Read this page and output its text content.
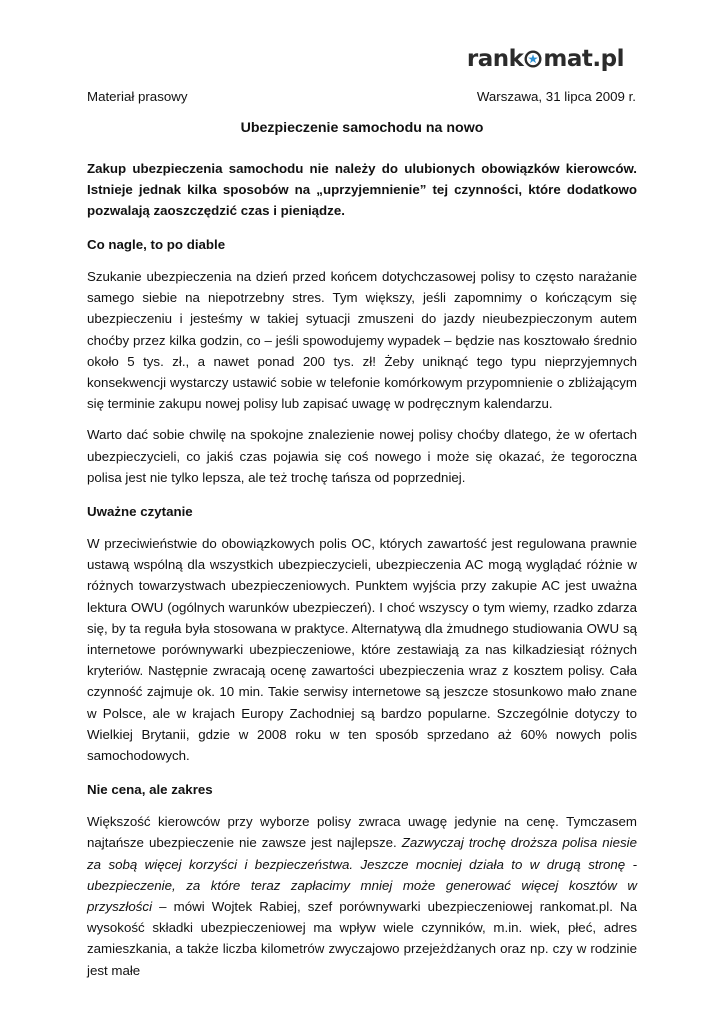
rank mat.pl
Materiał prasowy	Warszawa, 31 lipca 2009 r.
Ubezpieczenie samochodu na nowo
Zakup ubezpieczenia samochodu nie należy do ulubionych obowiązków kierowców. Istnieje jednak kilka sposobów na „uprzyjemnienie” tej czynności, które dodatkowo pozwalają zaoszczędzić czas i pieniądze.
Co nagle, to po diable

Szukanie ubezpieczenia na dzień przed końcem dotychczasowej polisy to często narażanie samego siebie na niepotrzebny stres. Tym większy, jeśli zapomnimy o kończącym się ubezpieczeniu i jesteśmy w takiej sytuacji zmuszeni do jazdy nieubezpieczonym autem choćby przez kilka godzin, co – jeśli spowodujemy wypadek – będzie nas kosztowało średnio około 5 tys. zł., a nawet ponad 200 tys. zł! Żeby uniknąć tego typu nieprzyjemnych konsekwencji wystarczy ustawić sobie w telefonie komórkowym przypomnienie o zbliżającym się terminie zakupu nowej polisy lub zapisać uwagę w podręcznym kalendarzu.

Warto dać sobie chwilę na spokojne znalezienie nowej polisy choćby dlatego, że w ofertach ubezpieczycieli, co jakiś czas pojawia się coś nowego i może się okazać, że tegoroczna polisa jest nie tylko lepsza, ale też trochę tańsza od poprzedniej.

Uważne czytanie

W przeciwieństwie do obowiązkowych polis OC, których zawartość jest regulowana prawnie ustawą wspólną dla wszystkich ubezpieczycieli, ubezpieczenia AC mogą wyglądać różnie w różnych towarzystwach ubezpieczeniowych. Punktem wyjścia przy zakupie AC jest uważna lektura OWU (ogólnych warunków ubezpieczeń). I choć wszyscy o tym wiemy, rzadko zdarza się, by ta reguła była stosowana w praktyce. Alternatywą dla żmudnego studiowania OWU są internetowe porównywarki ubezpieczeniowe, które zestawiają za nas kilkadziesiąt różnych kryteriów. Następnie zwracają ocenę zawartości ubezpieczenia wraz z kosztem polisy. Cała czynność zajmuje ok. 10 min. Takie serwisy internetowe są jeszcze stosunkowo mało znane w Polsce, ale w krajach Europy Zachodniej są bardzo popularne. Szczególnie dotyczy to Wielkiej Brytanii, gdzie w 2008 roku w ten sposób sprzedano aż 60% nowych polis samochodowych.

Nie cena, ale zakres

Większość kierowców przy wyborze polisy zwraca uwagę jedynie na cenę. Tymczasem najtańsze ubezpieczenie nie zawsze jest najlepsze. Zazwyczaj trochę droższa polisa niesie za sobą więcej korzyści i bezpieczeństwa. Jeszcze mocniej działa to w drugą stronę - ubezpieczenie, za które teraz zapłacimy mniej może generować więcej kosztów w przyszłości – mówi Wojtek Rabiej, szef porównywarki ubezpieczeniowej rankomat.pl. Na wysokość składki ubezpieczeniowej ma wpływ wiele czynników, m.in. wiek, płeć, adres zamieszkania, a także liczba kilometrów zwyczajowo przejeżdżanych oraz np. czy w rodzinie jest małe
